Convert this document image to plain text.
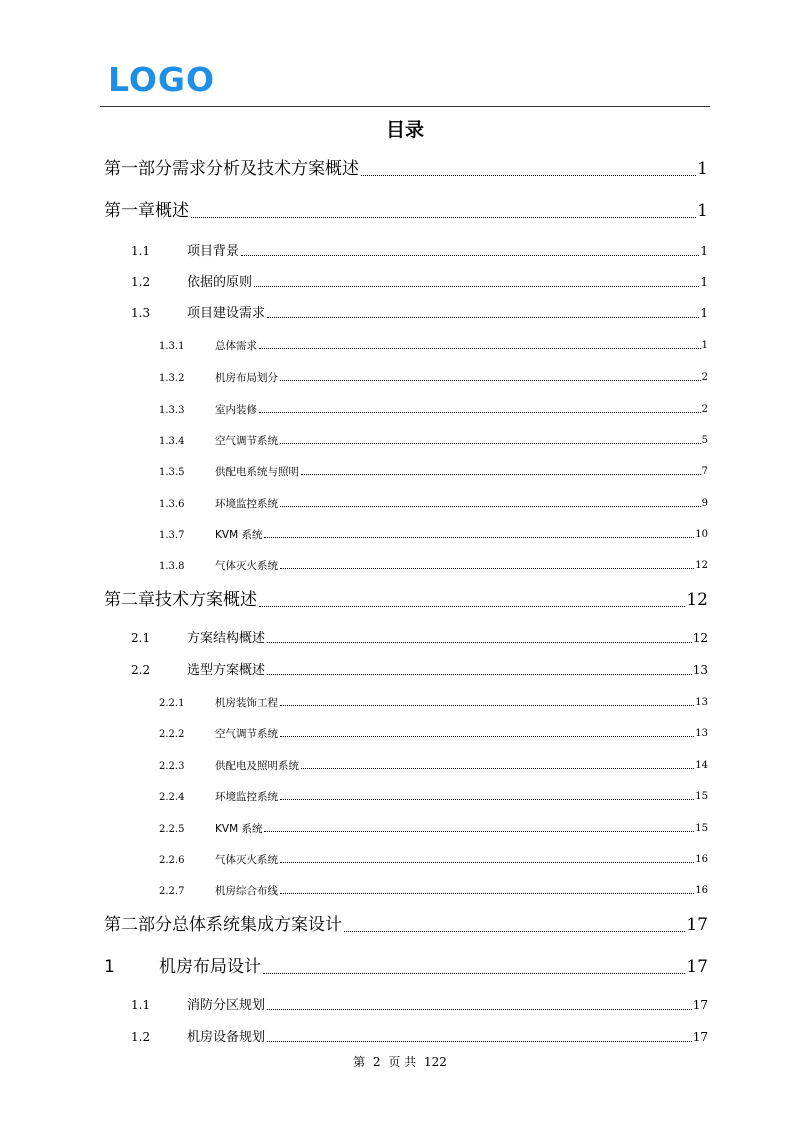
LOGO
目录
第一部分需求分析及技术方案概述	1
第一章概述	1
1.1	项目背景	1
1.2	依据的原则	1
1.3	项目建设需求	1
1.3.1	总体需求	1
1.3.2	机房布局划分	2
1.3.3	室内装修	2
1.3.4	空气调节系统	5
1.3.5	供配电系统与照明	7
1.3.6	环境监控系统	9
1.3.7	KVM 系统	10
1.3.8	气体灭火系统	12
第二章技术方案概述	12
2.1	方案结构概述	12
2.2	选型方案概述	13
2.2.1	机房装饰工程	13
2.2.2	空气调节系统	13
2.2.3	供配电及照明系统	14
2.2.4	环境监控系统	15
2.2.5	KVM 系统	15
2.2.6	气体灭火系统	16
2.2.7	机房综合布线	16
第二部分总体系统集成方案设计	17
1	机房布局设计	17
1.1	消防分区规划	17
1.2	机房设备规划	17
第 2 页 共 122
